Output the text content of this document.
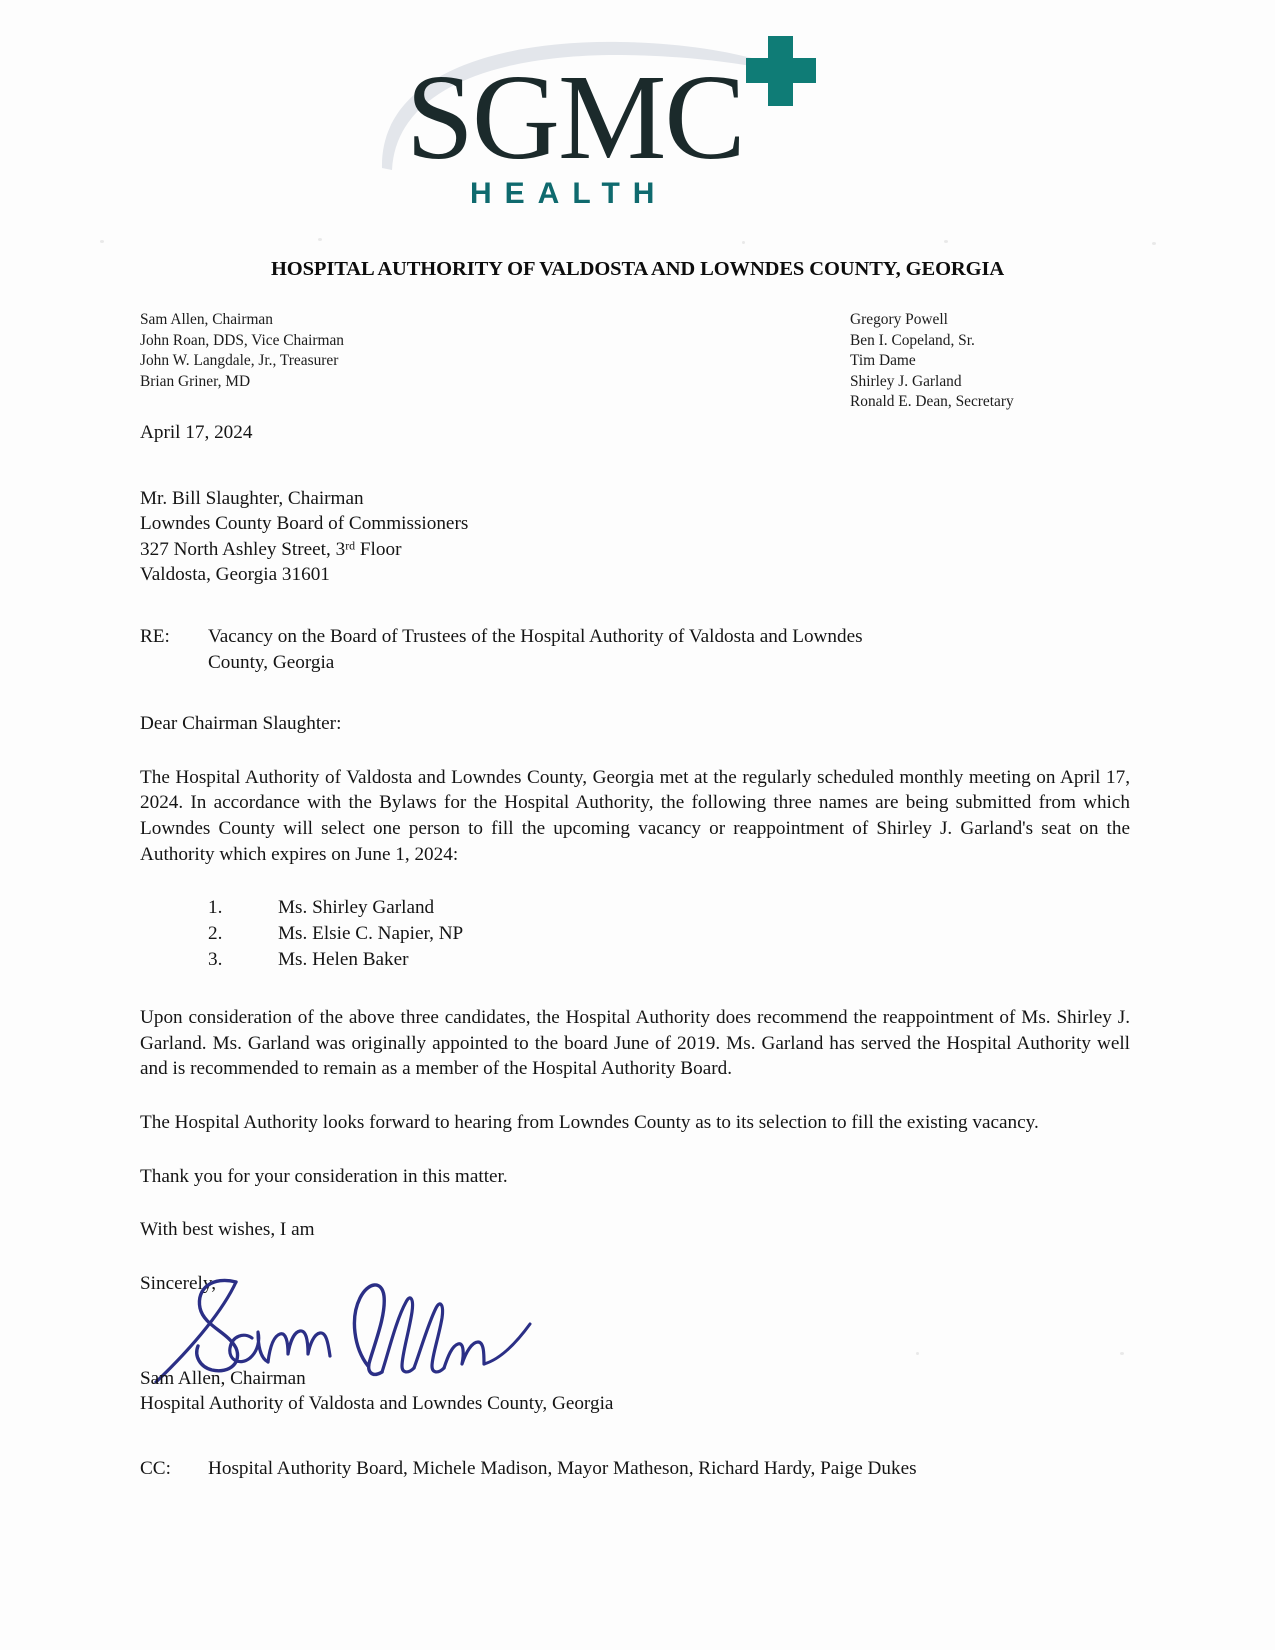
SGMC
HEALTH
HOSPITAL AUTHORITY OF VALDOSTA AND LOWNDES COUNTY, GEORGIA
Sam Allen, Chairman
John Roan, DDS, Vice Chairman
John W. Langdale, Jr., Treasurer
Brian Griner, MD
Gregory Powell
Ben I. Copeland, Sr.
Tim Dame
Shirley J. Garland
Ronald E. Dean, Secretary
April 17, 2024
Mr. Bill Slaughter, Chairman
Lowndes County Board of Commissioners
327 North Ashley Street, 3rd Floor
Valdosta, Georgia 31601
RE:	Vacancy on the Board of Trustees of the Hospital Authority of Valdosta and Lowndes
County, Georgia
Dear Chairman Slaughter:

The Hospital Authority of Valdosta and Lowndes County, Georgia met at the regularly scheduled monthly meeting on April 17, 2024. In accordance with the Bylaws for the Hospital Authority, the following three names are being submitted from which Lowndes County will select one person to fill the upcoming vacancy or reappointment of Shirley J. Garland's seat on the Authority which expires on June 1, 2024:

1.	Ms. Shirley Garland
2.	Ms. Elsie C. Napier, NP
3.	Ms. Helen Baker

Upon consideration of the above three candidates, the Hospital Authority does recommend the reappointment of Ms. Shirley J. Garland. Ms. Garland was originally appointed to the board June of 2019. Ms. Garland has served the Hospital Authority well and is recommended to remain as a member of the Hospital Authority Board.

The Hospital Authority looks forward to hearing from Lowndes County as to its selection to fill the existing vacancy.

Thank you for your consideration in this matter.

With best wishes, I am
Sincerely,

Sam Allen, Chairman

Hospital Authority of Valdosta and Lowndes County, Georgia

CC:	Hospital Authority Board, Michele Madison, Mayor Matheson, Richard Hardy, Paige Dukes
